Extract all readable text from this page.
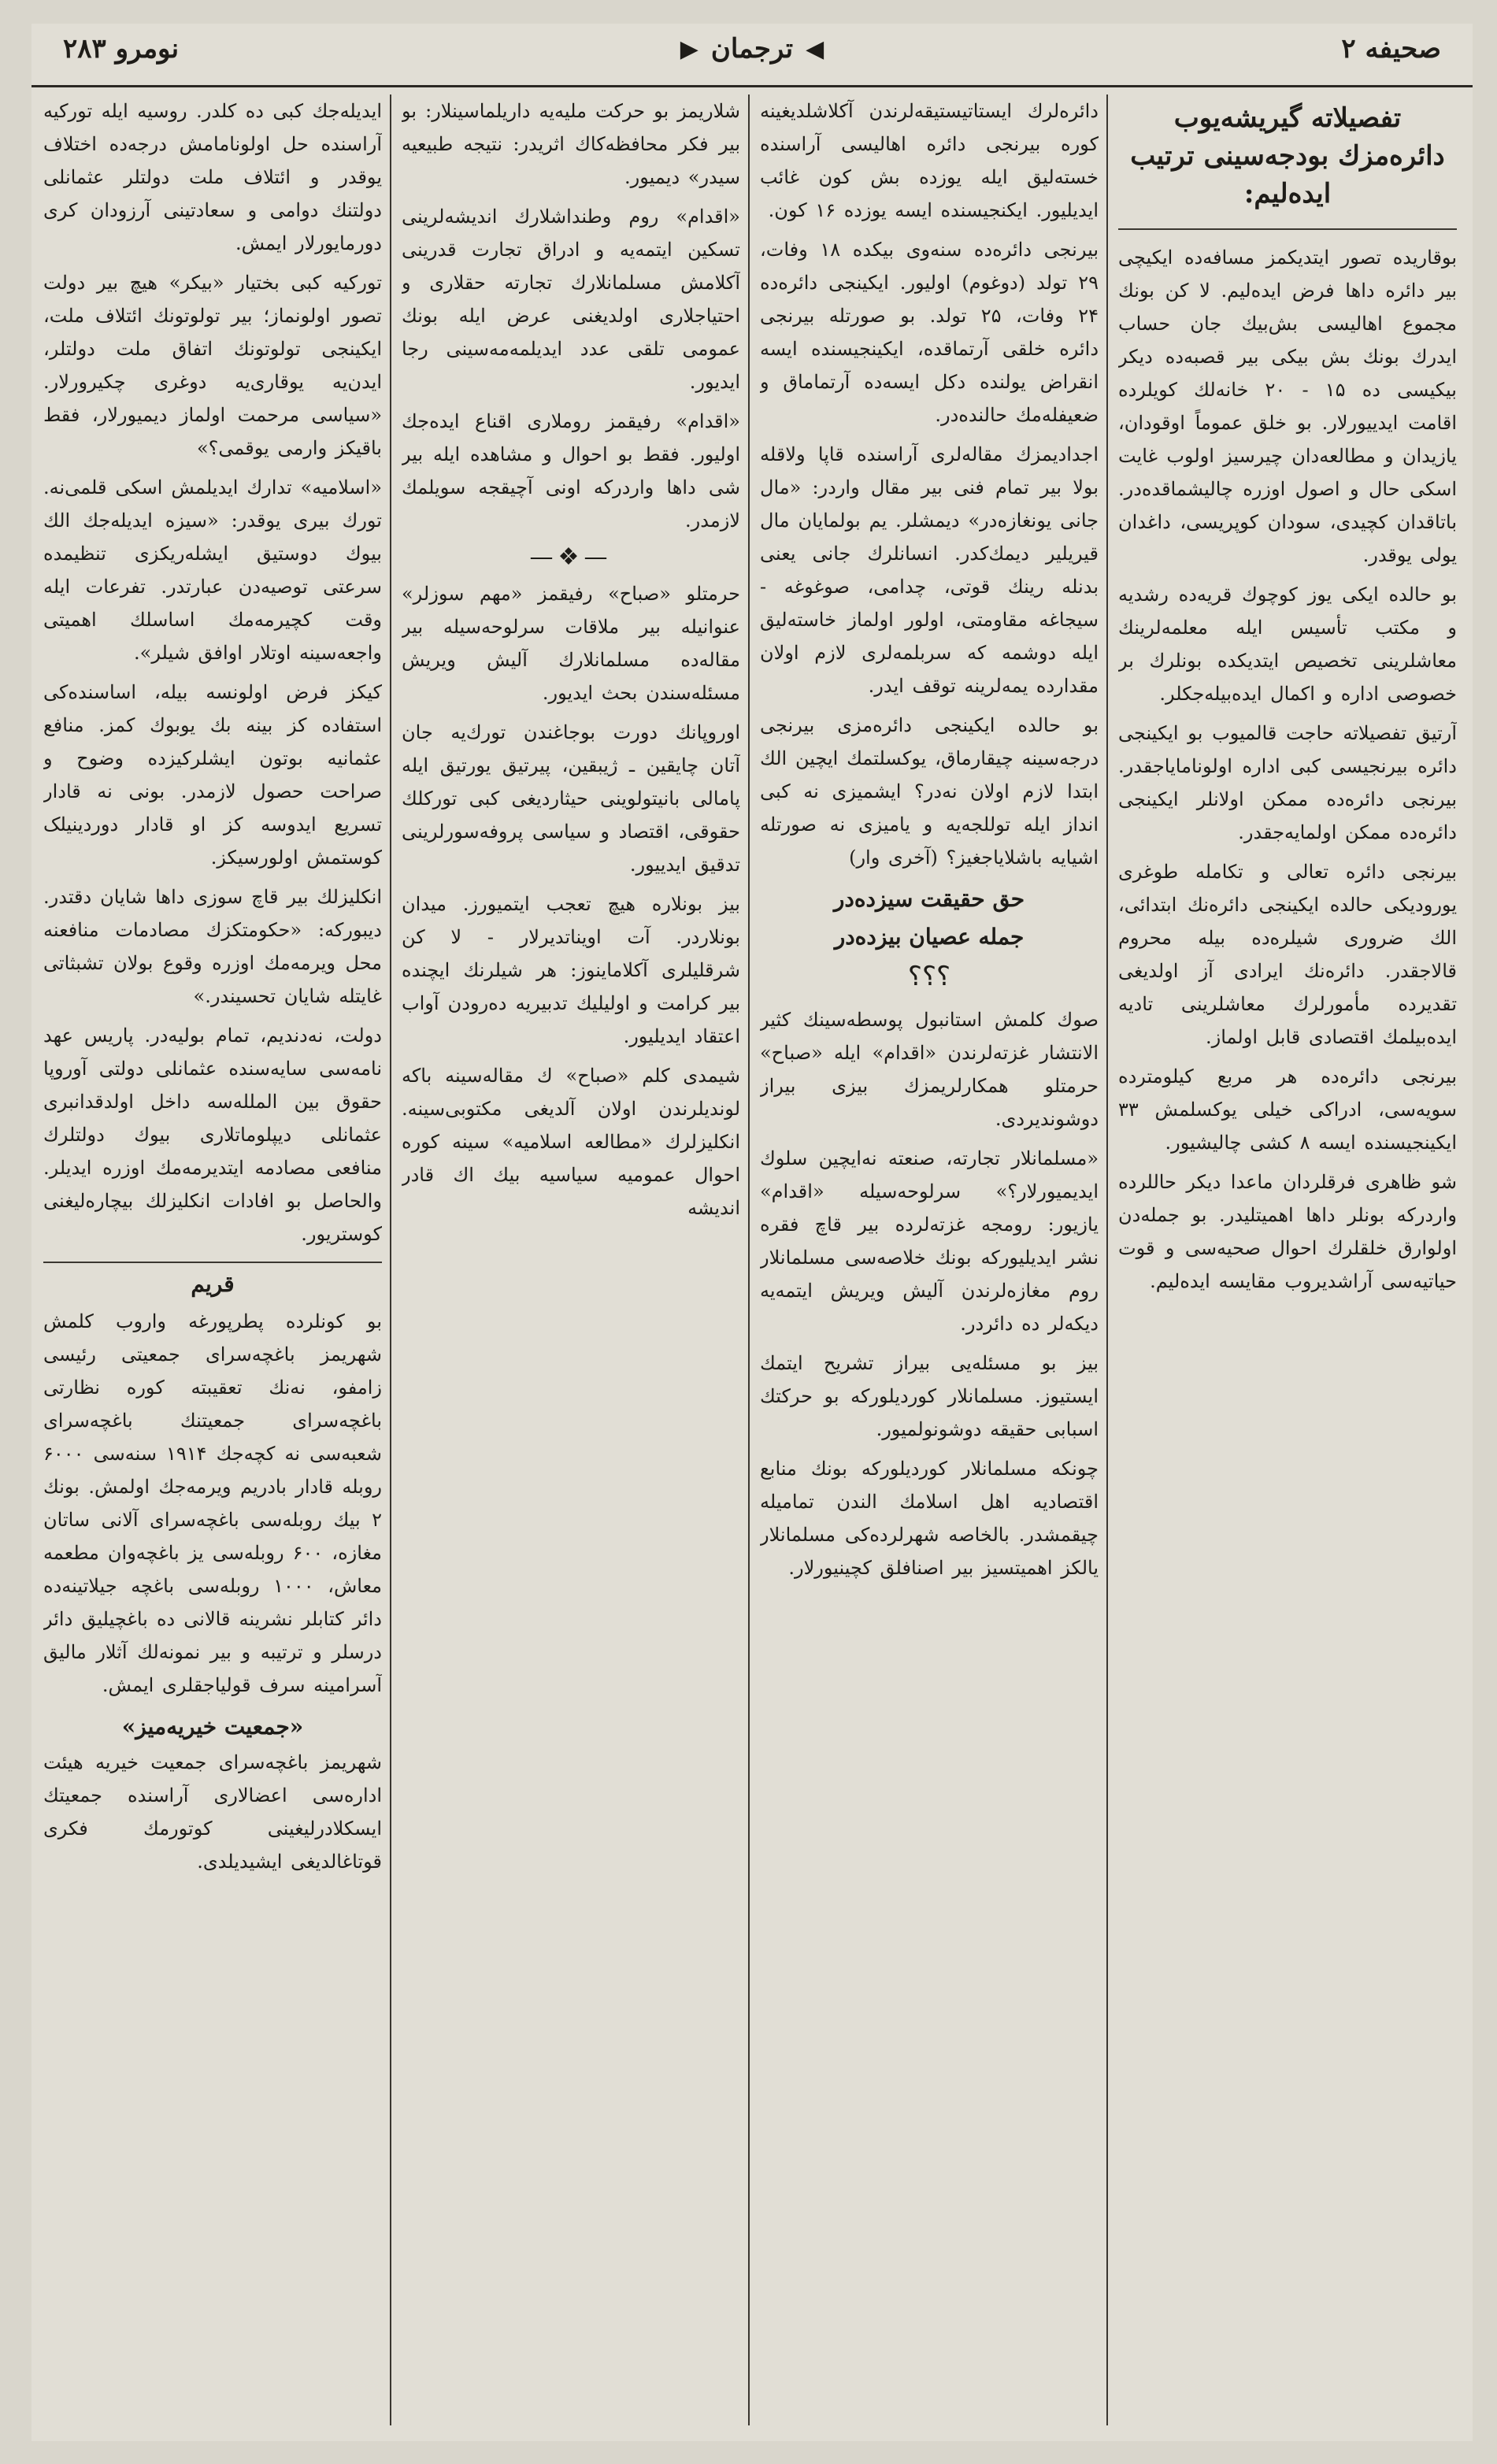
صحیفه ۲
◀
ترجمان
▶
نومرو ۲۸۳
تفصیلاته گیریشه‌یوب دائره‌مزك بودجه‌سینی ترتیب ایده‌لیم:

بوقاریده تصور ایتدیکمز مسافه‌ده ایکیچی بیر دائره داها فرض ایده‌لیم. لا کن بونك مجموع اهالیسی بش‌بیك جان حساب ایدرك بونك بش بیکی بیر قصبه‌ده دیکر بیکیسی ده ۱۵ - ۲۰ خانه‌لك کویلرده اقامت ایدییورلار. بو خلق عموماً اوقودان، یازیدان و مطالعه‌دان چیرسیز اولوب غایت اسکی حال و اصول اوزره چالیشماقده‌در. باتاقدان کچیدی، سودان کوپریسی، داغدان یولی یوقدر.

بو حالده ایکی یوز کوچوك قریه‌ده رشدیه و مکتب تأسیس ایله معلمه‌لرینك معاشلرینی تخصیص ایتدیکده بونلرك بر خصوصی اداره و اکمال ایده‌بیله‌جکلر.

آرتیق تفصیلاته حاجت قالمیوب بو ایکینجی دائره بیرنجیسی کبی اداره اولونامایاجقدر. بیرنجی دائره‌ده ممکن اولانلر ایکینجی دائره‌ده ممکن اولمایه‌جقدر.

بیرنجی دائره تعالی و تکامله طوغری یورودیکی حالده ایکینجی دائره‌نك ابتدائی، الك ضروری شیلره‌ده بیله محروم قالاجقدر. دائره‌نك ایرادی آز اولدیغی تقدیرده مأمورلرك معاشلرینی تادیه ایده‌بیلمك اقتصادی قابل اولماز.

بیرنجی دائره‌ده هر مربع کیلومترده سویه‌سی، ادراکی خیلی یوکسلمش ۳۳ ایکینجیسنده ایسه ۸ کشی چالیشیور.

شو ظاهری فرقلردان ماعدا دیکر حاللرده واردرکه بونلر داها اهمیتلیدر. بو جمله‌دن اولوارق خلقلرك احوال صحیه‌سی و قوت حیاتیه‌سی آراشدیروب مقایسه ایده‌لیم.

دائره‌لرك ایستاتیستیقه‌لرندن آکلاشلدیغینه کوره بیرنجی دائره اهالیسی آراسنده خسته‌لیق ایله یوزده بش کون غائب ایدیلیور. ایکنجیسنده ایسه یوزده ۱۶ کون.

بیرنجی دائره‌ده سنه‌وی بیکده ۱۸ وفات، ۲۹ تولد (دوغوم) اولیور. ایکینجی دائره‌ده ۲۴ وفات، ۲۵ تولد. بو صورتله بیرنجی دائره خلقی آرتماقده، ایکینجیسنده ایسه انقراض یولنده دکل ایسه‌ده آرتماماق و ضعیفله‌مك حالنده‌در.

اجدادیمزك مقاله‌لری آراسنده قاپا ولاقله بولا بیر تمام فنی بیر مقال واردر: «مال جانی یونغازه‌در» دیمشلر. یم بولمایان مال قیریلیر دیمك‌کدر. انسانلرك جانی یعنی بدنله رینك قوتی، چدامی، صوغوغه - سیجاغه مقاومتی، اولور اولماز خاسته‌لیق ایله دوشمه که سربلمه‌لری لازم اولان مقدارده یمه‌لرینه توقف ایدر.

بو حالده ایکینجی دائره‌مزی بیرنجی درجه‌سینه چیقارماق، یوکسلتمك ایچین الك ابتدا لازم اولان نه‌در؟ ایشمیزی نه کبی انداز ایله توللجه‌یه و یامیزی نه صورتله اشیایه باشلایاجغیز؟ (آخری وار)

حق حقیقت سیزده‌در
جمله عصیان بیزده‌در
؟؟؟

صوك کلمش استانبول پوسطه‌سینك کثیر الانتشار غزته‌لرندن «اقدام» ایله «صباح» حرمتلو همکارلریمزك بیزی بیراز دوشوندیردی.

«مسلمانلار تجارته، صنعته نه‌ایچین سلوك ایدیمیورلار؟» سرلوحه‌سیله «اقدام» یازیور: رومجه غزته‌لرده بیر قاچ فقره نشر ایدیلیورکه بونك خلاصه‌سی مسلمانلار روم مغازه‌لرندن آلیش ویریش ایتمه‌یه دیکه‌لر ده دائردر.

بیز بو مسئله‌یی بیراز تشریح ایتمك ایستیوز. مسلمانلار کوردیلورکه بو حرکتك اسبابی حقیقه دوشونولمیور.

چونکه مسلمانلار کوردیلورکه بونك منابع اقتصادیه اهل اسلامك الندن تمامیله چیقمشدر. بالخاصه شهرلرده‌کی مسلمانلار یالکز اهمیتسیز بیر اصنافلق کچینیورلار.

شلاریمز بو حرکت ملیه‌یه داریلماسینلار: بو بیر فکر محافظه‌کاك اثریدر: نتیجه طبیعیه سیدر» دیمیور.

«اقدام» روم وطنداشلارك اندیشه‌لرینی تسکین ایتمه‌یه و ادراق تجارت قدرینی آکلامش مسلمانلارك تجارته حقلاری و احتیاجلاری اولدیغنی عرض ایله بونك عمومی تلقی عدد ایدیلمه‌مه‌سینی رجا ایدیور.

«اقدام» رفیقمز روملاری اقناع ایده‌جك اولیور. فقط بو احوال و مشاهده ایله بیر شی داها واردرکه اونی آچیقجه سویلمك لازمدر.

—❖—

حرمتلو «صباح» رفیقمز «مهم سوزلر» عنوانیله بیر ملاقات سرلوحه‌سیله بیر مقاله‌ده مسلمانلارك آلیش ویریش مسئله‌سندن بحث ایدیور.

اوروپانك دورت بوجاغندن تورك‌یه جان آتان چایقین ـ ژیبقین، پیرتیق یورتیق ایله پامالی بانیتولوینی حیثاردیغی کبی تورکلك حقوقی، اقتصاد و سیاسی پروفه‌سورلرینی تدقیق ایدییور.

بیز بونلاره هیچ تعجب ایتمیورز. میدان بونلاردر. آت اویناتدیرلار - لا کن شرقلیلری آکلاماینوز: هر شیلرنك ایچنده بیر کرامت و اولیلیك تدبیریه ده‌رودن آواب اعتقاد ایدیلیور.

شیمدی کلم «صباح» ك مقاله‌سینه باکه لوندیلرندن اولان آلدیغی مکتوبی‌سینه. انکلیزلرك «مطالعه اسلامیه» سینه کوره احوال عمومیه سیاسیه بیك اك قادر اندیشه

ایدیله‌جك کبی ده کلدر. روسیه ایله تورکیه آراسنده حل اولونامامش درجه‌ده اختلاف یوقدر و ائتلاف ملت دولتلر عثمانلی دولتنك دوامی و سعادتینی آرزودان کری دورمایورلار ایمش.

تورکیه کبی بختیار «بیکر» هیچ بیر دولت تصور اولونماز؛ بیر تولوتونك ائتلاف ملت، ایکینجی تولوتونك اتفاق ملت دولتلر، ایدن‌یه یوقاری‌یه دوغری چکیرورلار. «سیاسی مرحمت اولماز دیمیورلار، فقط باقیکز وارمی یوقمی؟»

«اسلامیه» تدارك ایدیلمش اسکی قلمی‌نه. تورك بیری یوقدر: «سیزه ایدیله‌جك الك بیوك دوستیق ایشله‌ریکزی تنظیمده سرعتی توصیه‌دن عبارتدر. تفرعات ایله وقت کچیرمه‌مك اساسلك اهمیتی واجعه‌سینه اوتلار اوافق شیلر».

کیکز فرض اولونسه بیله، اساسنده‌کی استفاده کز بینه بك یوبوك کمز. منافع عثمانیه بوتون ایشلرکیزده وضوح و صراحت حصول لازمدر. بونی نه قادار تسریع ایدوسه کز او قادار دوردینیلک کوستمش اولورسیکز.

انکلیزلك بیر قاچ سوزی داها شایان دقتدر. دیبورکه: «حکومتکزك مصادمات منافعنه محل ویرمه‌مك اوزره وقوع بولان تشبثاتی غایتله شایان تحسیندر.»

دولت، نه‌دندیم، تمام بولیه‌در. پاریس عهد نامه‌سی سایه‌سنده عثمانلی دولتی آوروپا حقوق بین الملله‌سه داخل اولدقدانبری عثمانلی دیپلوماتلاری بیوك دولتلرك منافعی مصادمه ایتدیرمه‌مك اوزره ایدیلر. والحاصل بو افادات انکلیزلك بیچاره‌لیغنی کوستریور.

قریم

بو کونلرده پطرپورغه واروب کلمش شهریمز باغچه‌سرای جمعیتی رئیسی زامفو، نه‌نك تعقیبته کوره نظارتی باغچه‌سرای جمعیتنك باغچه‌سرای شعبه‌سی نه کچه‌جك ۱۹۱۴ سنه‌سی ۶۰۰۰ روبله قادار بادریم ویرمه‌جك اولمش. بونك ۲ بیك روبله‌سی باغچه‌سرای آلانی ساتان مغازه، ۶۰۰ روبله‌سی یز باغچه‌وان مطعمه معاش، ۱۰۰۰ روبله‌سی باغچه جیلاتینه‌ده دائر کتابلر نشرینه قالانی ده باغچیلیق دائر درسلر و ترتیبه و بیر نمونه‌لك آثلار مالیق آسرامینه سرف قولیاجقلری ایمش.

«جمعیت خیریه‌میز»

شهریمز باغچه‌سرای جمعیت خیریه هیئت اداره‌سی اعضالاری آراسنده جمعیتك ایسکلادرلیغینی کوتورمك فکری قوتاغالدیغی ایشیدیلدی.
